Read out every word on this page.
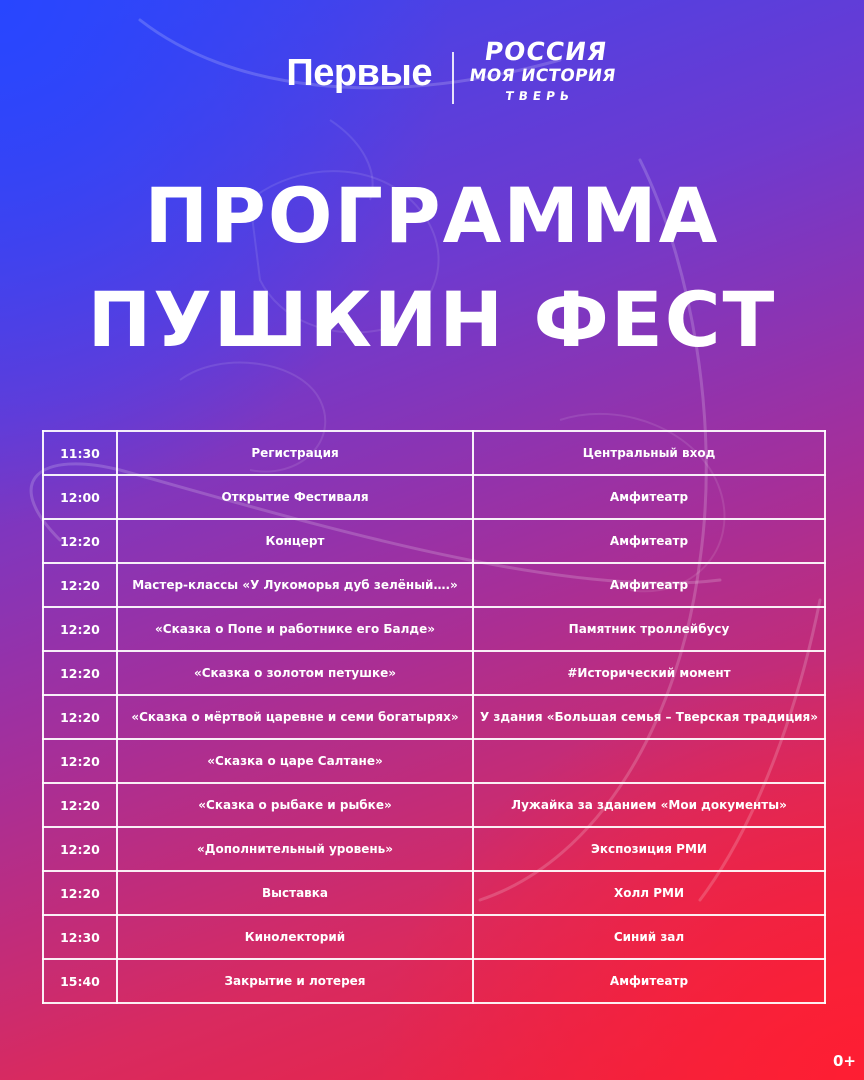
Первые
РОССИЯ
МОЯ ИСТОРИЯ
ТВЕРЬ
ПРОГРАММА
ПУШКИН ФЕСТ
11:30	Регистрация	Центральный вход
12:00	Открытие Фестиваля	Амфитеатр
12:20	Концерт	Амфитеатр
12:20	Мастер-классы «У Лукоморья дуб зелёный….»	Амфитеатр
12:20	«Сказка о Попе и работнике его Балде»	Памятник троллейбусу
12:20	«Сказка о золотом петушке»	#Исторический момент
12:20	«Сказка о мёртвой царевне и семи богатырях»	У здания «Большая семья – Тверская традиция»
12:20	«Сказка о царе Салтане»	
12:20	«Сказка о рыбаке и рыбке»	Лужайка за зданием «Мои документы»
12:20	«Дополнительный уровень»	Экспозиция РМИ
12:20	Выставка	Холл РМИ
12:30	Кинолекторий	Синий зал
15:40	Закрытие и лотерея	Амфитеатр
0+
